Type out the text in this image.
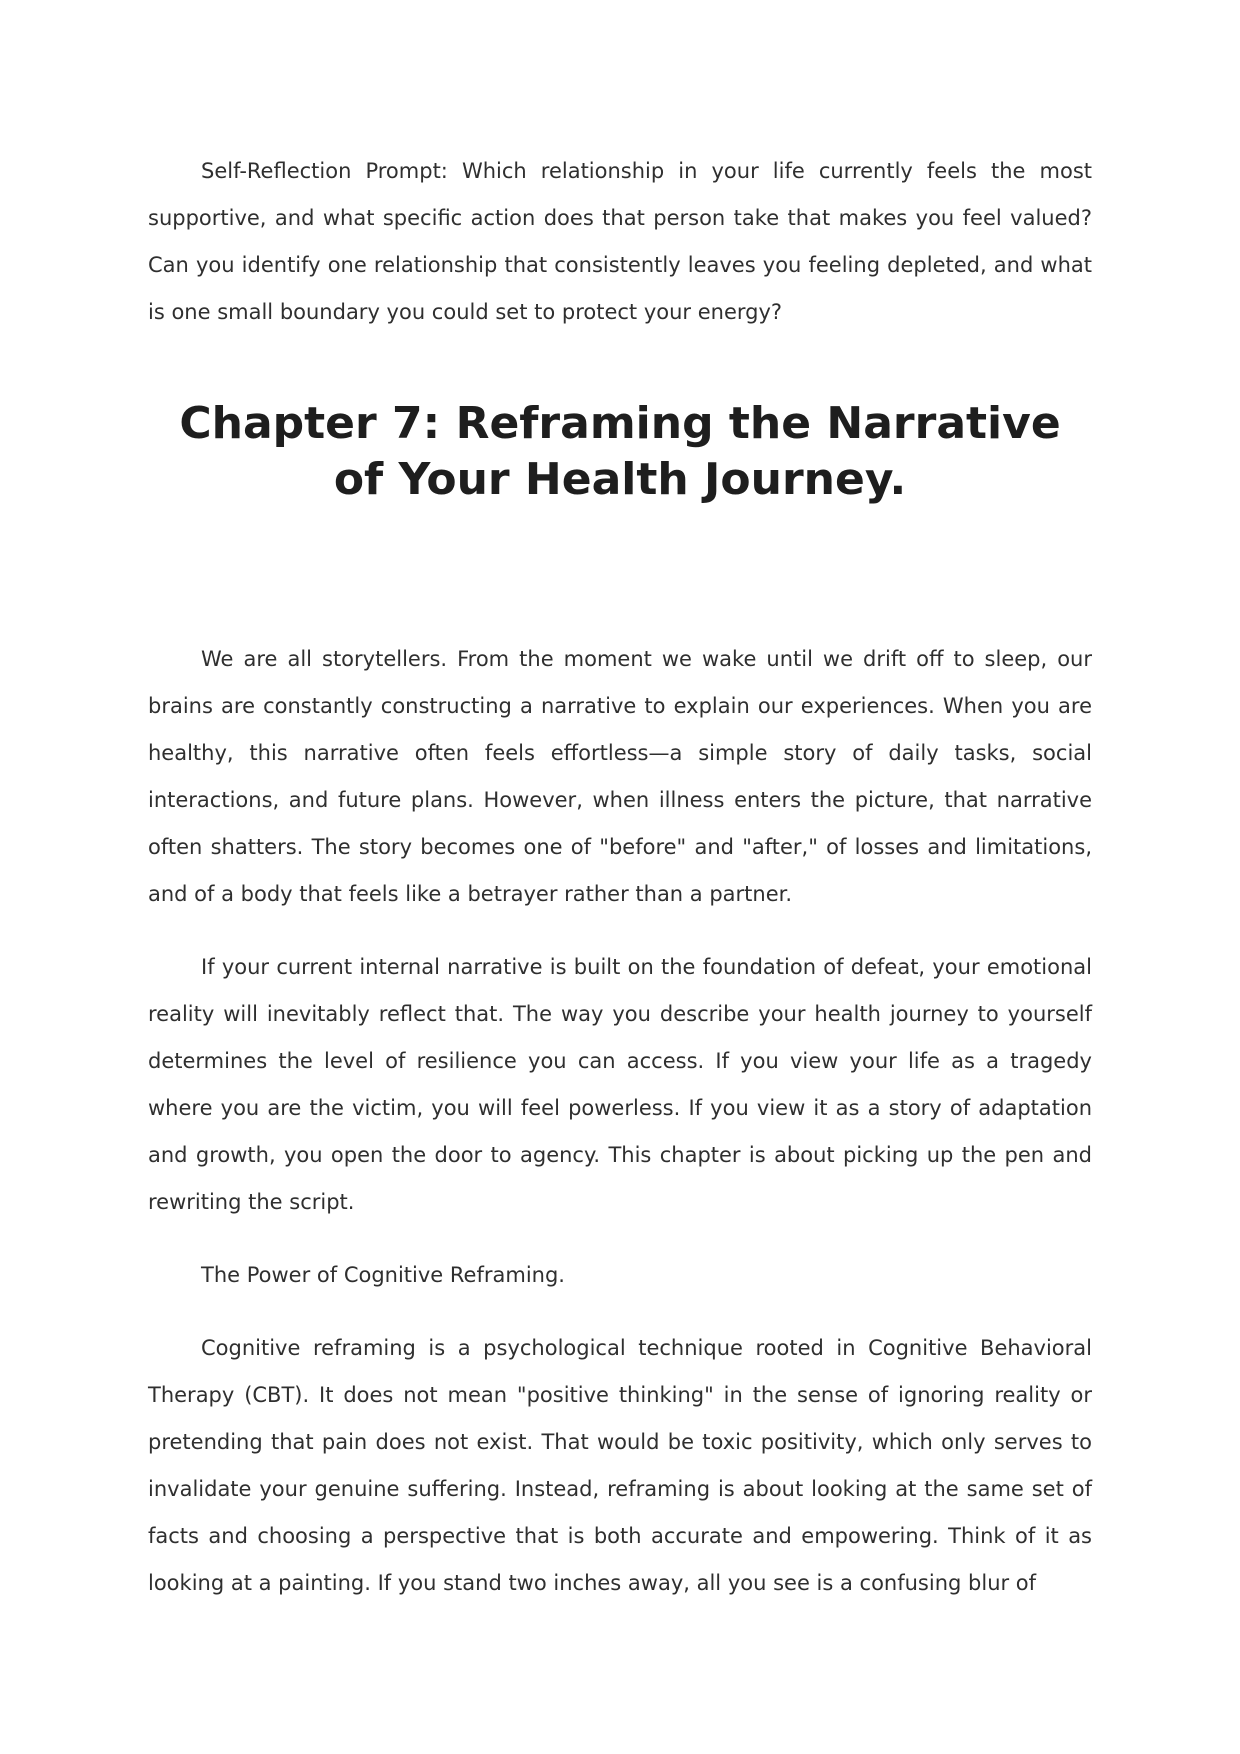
Self-Reflection Prompt: Which relationship in your life currently feels the most supportive, and what specific action does that person take that makes you feel valued? Can you identify one relationship that consistently leaves you feeling depleted, and what is one small boundary you could set to protect your energy?

Chapter 7: Reframing the Narrative of Your Health Journey.

We are all storytellers. From the moment we wake until we drift off to sleep, our brains are constantly constructing a narrative to explain our experiences. When you are healthy, this narrative often feels effortless—a simple story of daily tasks, social interactions, and future plans. However, when illness enters the picture, that narrative often shatters. The story becomes one of "before" and "after," of losses and limitations, and of a body that feels like a betrayer rather than a partner.

If your current internal narrative is built on the foundation of defeat, your emotional reality will inevitably reflect that. The way you describe your health journey to yourself determines the level of resilience you can access. If you view your life as a tragedy where you are the victim, you will feel powerless. If you view it as a story of adaptation and growth, you open the door to agency. This chapter is about picking up the pen and rewriting the script.

The Power of Cognitive Reframing.

Cognitive reframing is a psychological technique rooted in Cognitive Behavioral Therapy (CBT). It does not mean "positive thinking" in the sense of ignoring reality or pretending that pain does not exist. That would be toxic positivity, which only serves to invalidate your genuine suffering. Instead, reframing is about looking at the same set of facts and choosing a perspective that is both accurate and empowering. Think of it as looking at a painting. If you stand two inches away, all you see is a confusing blur of
